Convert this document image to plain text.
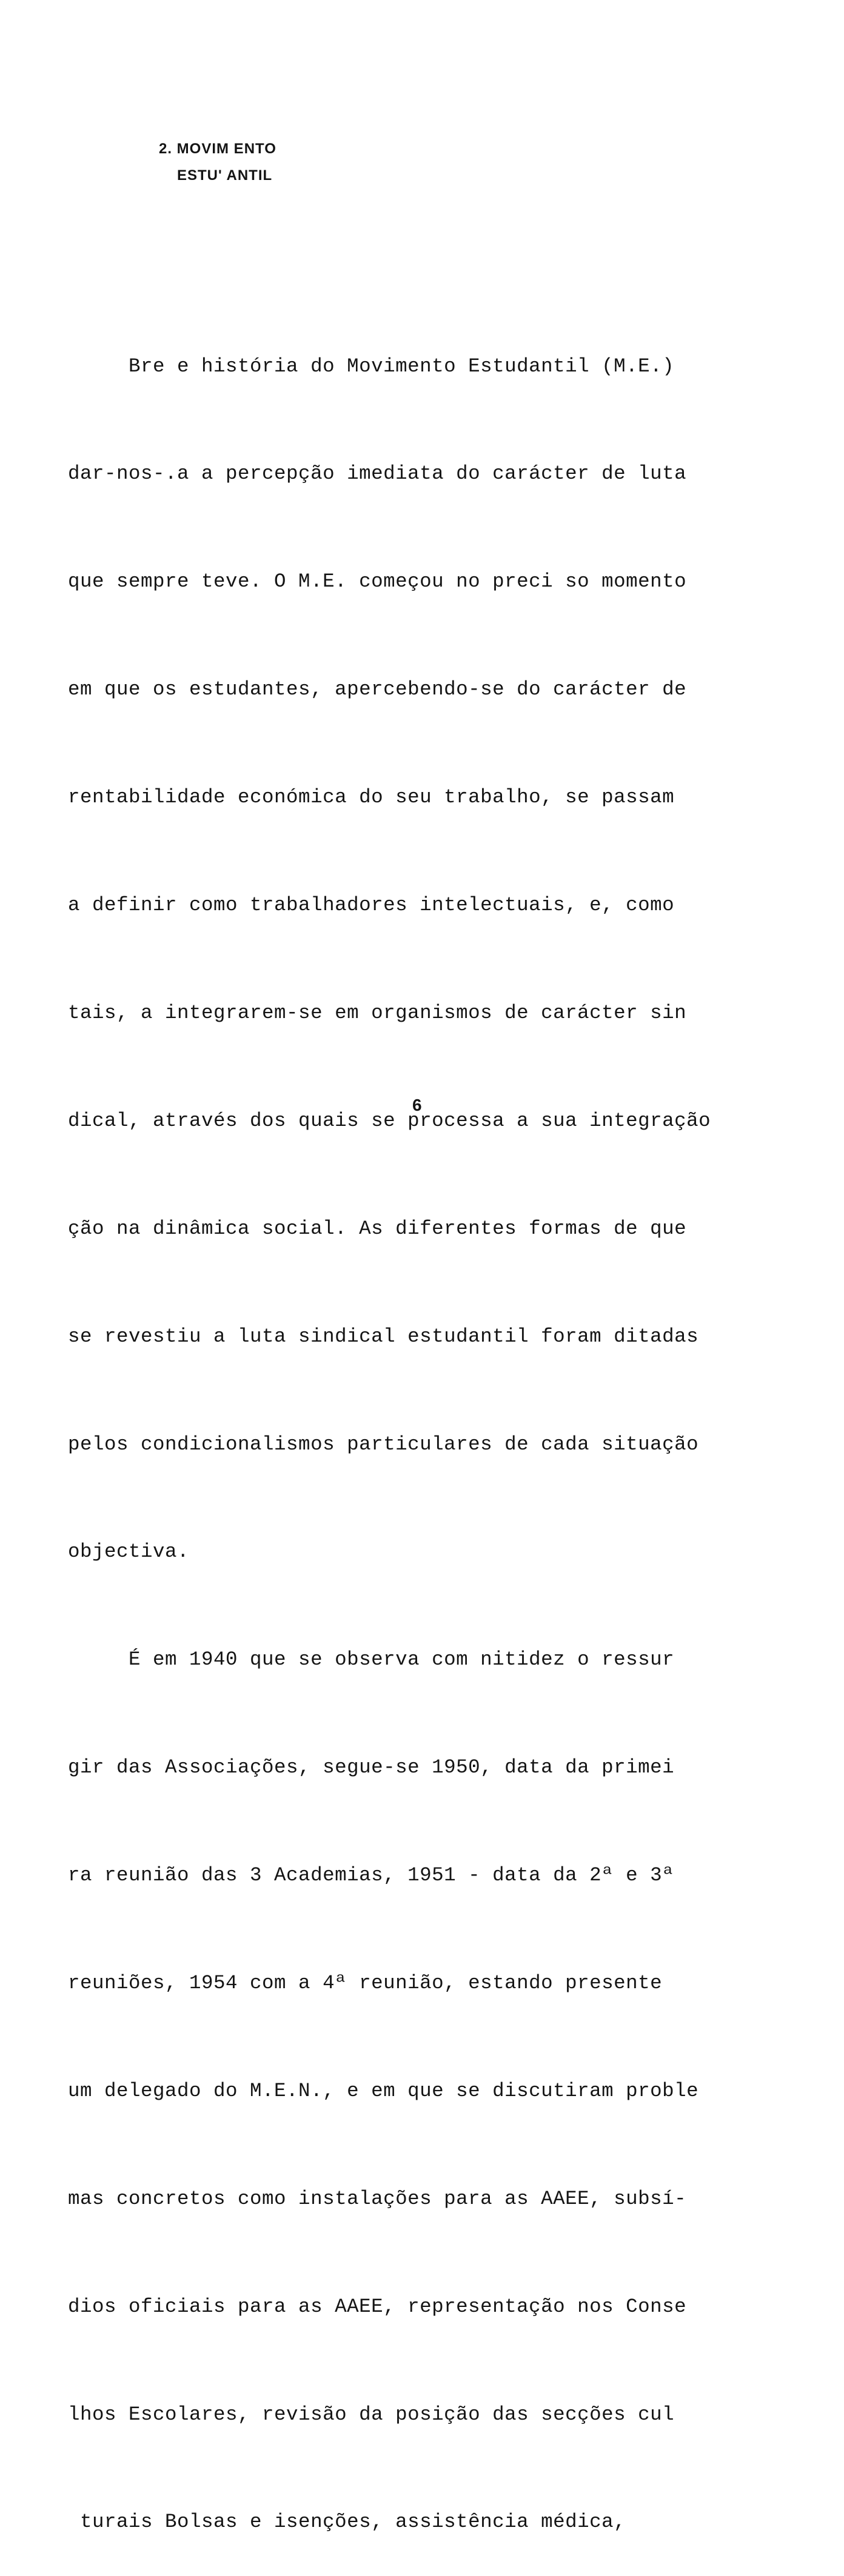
2. MOVIM ENTO
ESTU' ANTIL

Bre e história do Movimento Estudantil (M.E.)

dar-nos-.a a percepção imediata do carácter de luta

que sempre teve. O M.E. começou no preci so momento

em que os estudantes, apercebendo-se do carácter de

rentabilidade económica do seu trabalho, se passam

a definir como trabalhadores intelectuais, e, como

tais, a integrarem-se em organismos de carácter sin

dical, através dos quais se processa a sua integração

ção na dinâmica social. As diferentes formas de que

se revestiu a luta sindical estudantil foram ditadas

pelos condicionalismos particulares de cada situação

objectiva.

É em 1940 que se observa com nitidez o ressur

gir das Associações, segue-se 1950, data da primei

ra reunião das 3 Academias, 1951 - data da 2ª e 3ª

reuniões, 1954 com a 4ª reunião, estando presente

um delegado do M.E.N., e em que se discutiram proble

mas concretos como instalações para as AAEE, subsí-

dios oficiais para as AAEE, representação nos Conse

lhos Escolares, revisão da posição das secções cul

turais Bolsas e isenções, assistência médica,

6
